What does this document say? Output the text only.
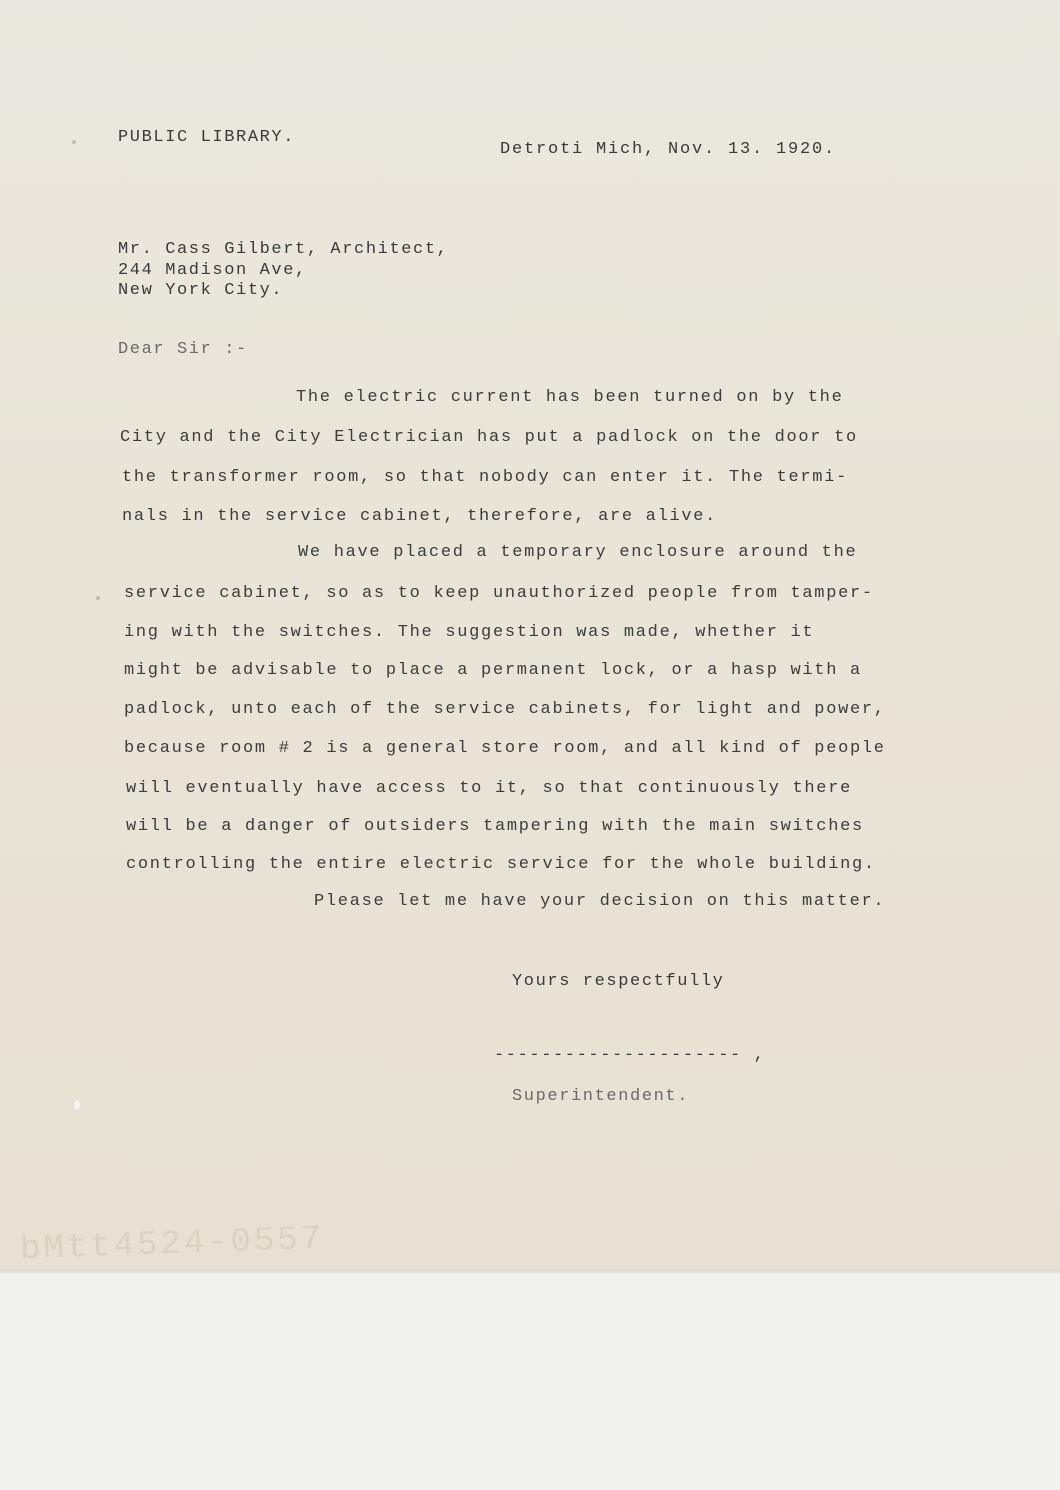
PUBLIC LIBRARY.

Detroti Mich, Nov. 13. 1920.

Mr. Cass Gilbert, Architect,

244 Madison Ave,

New York City.

Dear Sir :-

The electric current has been turned on by the

City and the City Electrician has put a padlock on the door to

the transformer room, so that nobody can enter it. The termi-

nals in the service cabinet, therefore, are alive.

We have placed a temporary enclosure around the

service cabinet, so as to keep unauthorized people from tamper-

ing with the switches. The suggestion was made, whether it

might be advisable to place a permanent lock, or a hasp with a

padlock, unto each of the service cabinets, for light and power,

because room # 2 is a general store room, and all kind of people

will eventually have access to it, so that continuously there

will be a danger of outsiders tampering with the main switches

controlling the entire electric service for the whole building.

Please let me have your decision on this matter.

Yours respectfully

--------------------- ,

Superintendent.

bMtt4524-0557
